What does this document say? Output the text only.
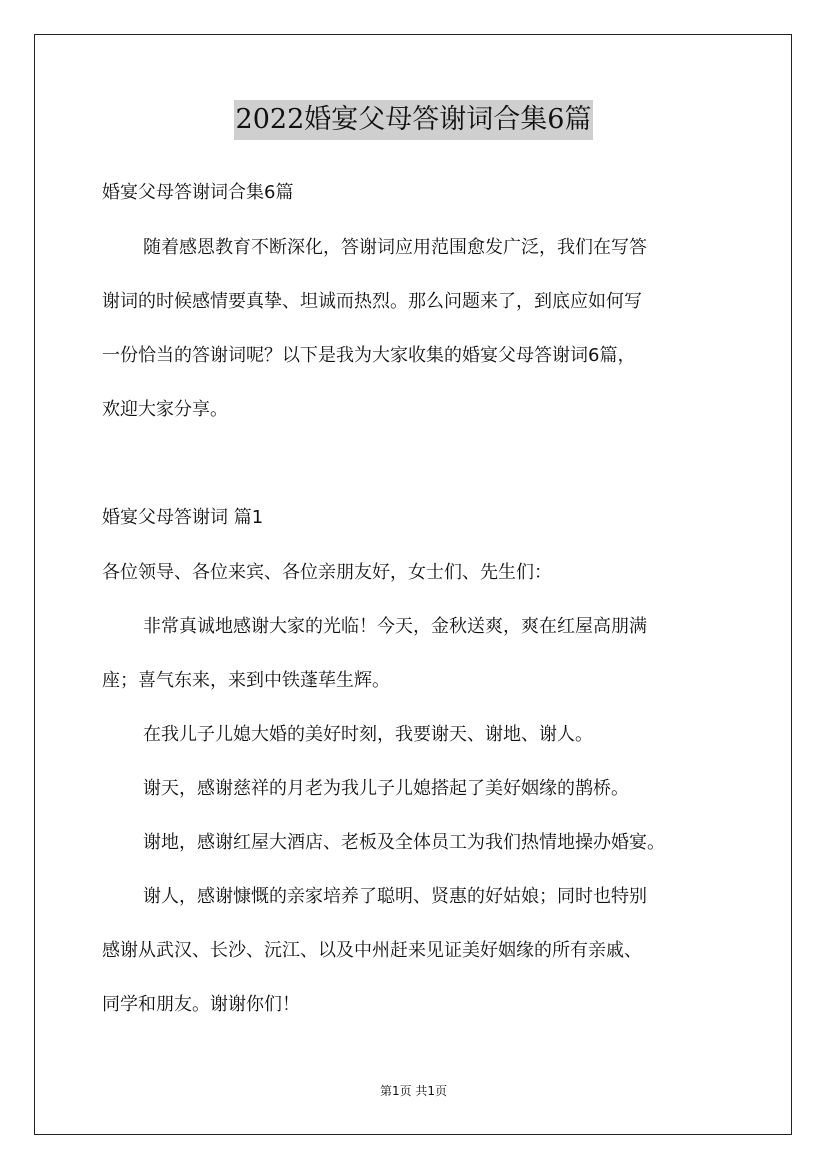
2022婚宴父母答谢词合集6篇
婚宴父母答谢词合集6篇
随着感恩教育不断深化，答谢词应用范围愈发广泛，我们在写答
谢词的时候感情要真挚、坦诚而热烈。那么问题来了，到底应如何写
一份恰当的答谢词呢？以下是我为大家收集的婚宴父母答谢词6篇，
欢迎大家分享。
婚宴父母答谢词 篇1
各位领导、各位来宾、各位亲朋友好，女士们、先生们：
非常真诚地感谢大家的光临！今天，金秋送爽，爽在红屋高朋满
座；喜气东来，来到中铁蓬荜生辉。
在我儿子儿媳大婚的美好时刻，我要谢天、谢地、谢人。
谢天，感谢慈祥的月老为我儿子儿媳搭起了美好姻缘的鹊桥。
谢地，感谢红屋大酒店、老板及全体员工为我们热情地操办婚宴。
谢人，感谢慷慨的亲家培养了聪明、贤惠的好姑娘；同时也特别
感谢从武汉、长沙、沅江、以及中州赶来见证美好姻缘的所有亲戚、
同学和朋友。谢谢你们！
第1页 共1页
